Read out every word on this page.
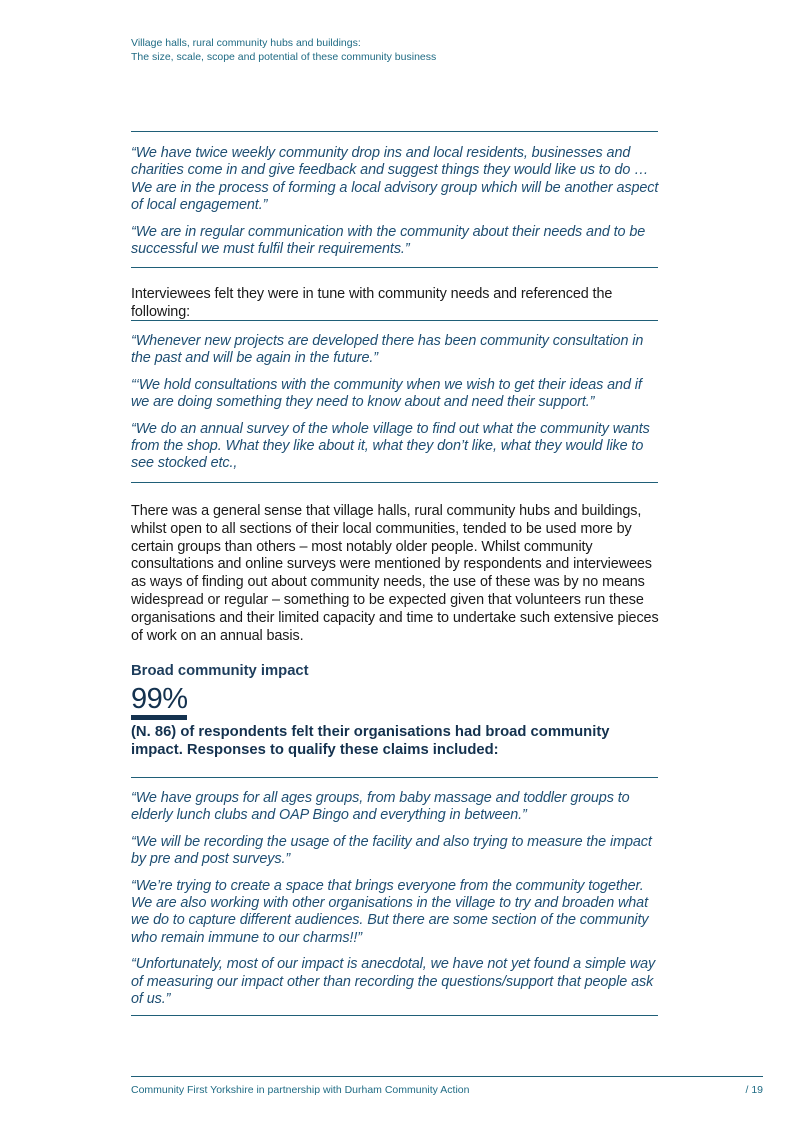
Village halls, rural community hubs and buildings:
The size, scale, scope and potential of these community business

“We have twice weekly community drop ins and local residents, businesses and charities come in and give feedback and suggest things they would like us to do … We are in the process of forming a local advisory group which will be another aspect of local engagement.”

“We are in regular communication with the community about their needs and to be successful we must fulfil their requirements.”

Interviewees felt they were in tune with community needs and referenced the following:

“Whenever new projects are developed there has been community consultation in the past and will be again in the future.”

“‘We hold consultations with the community when we wish to get their ideas and if we are doing something they need to know about and need their support.”

“We do an annual survey of the whole village to find out what the community wants from the shop. What they like about it, what they don’t like, what they would like to see stocked etc.,

There was a general sense that village halls, rural community hubs and buildings, whilst open to all sections of their local communities, tended to be used more by certain groups than others – most notably older people. Whilst community consultations and online surveys were mentioned by respondents and interviewees as ways of finding out about community needs, the use of these was by no means widespread or regular – something to be expected given that volunteers run these organisations and their limited capacity and time to undertake such extensive pieces of work on an annual basis.

Broad community impact
99%

(N. 86) of respondents felt their organisations had broad community impact. Responses to qualify these claims included:

“We have groups for all ages groups, from baby massage and toddler groups to elderly lunch clubs and OAP Bingo and everything in between.”

“We will be recording the usage of the facility and also trying to measure the impact by pre and post surveys.”

“We’re trying to create a space that brings everyone from the community together. We are also working with other organisations in the village to try and broaden what we do to capture different audiences. But there are some section of the community who remain immune to our charms!!”

“Unfortunately, most of our impact is anecdotal, we have not yet found a simple way of measuring our impact other than recording the questions/support that people ask of us.”

Community First Yorkshire in partnership with Durham Community Action	/ 19
